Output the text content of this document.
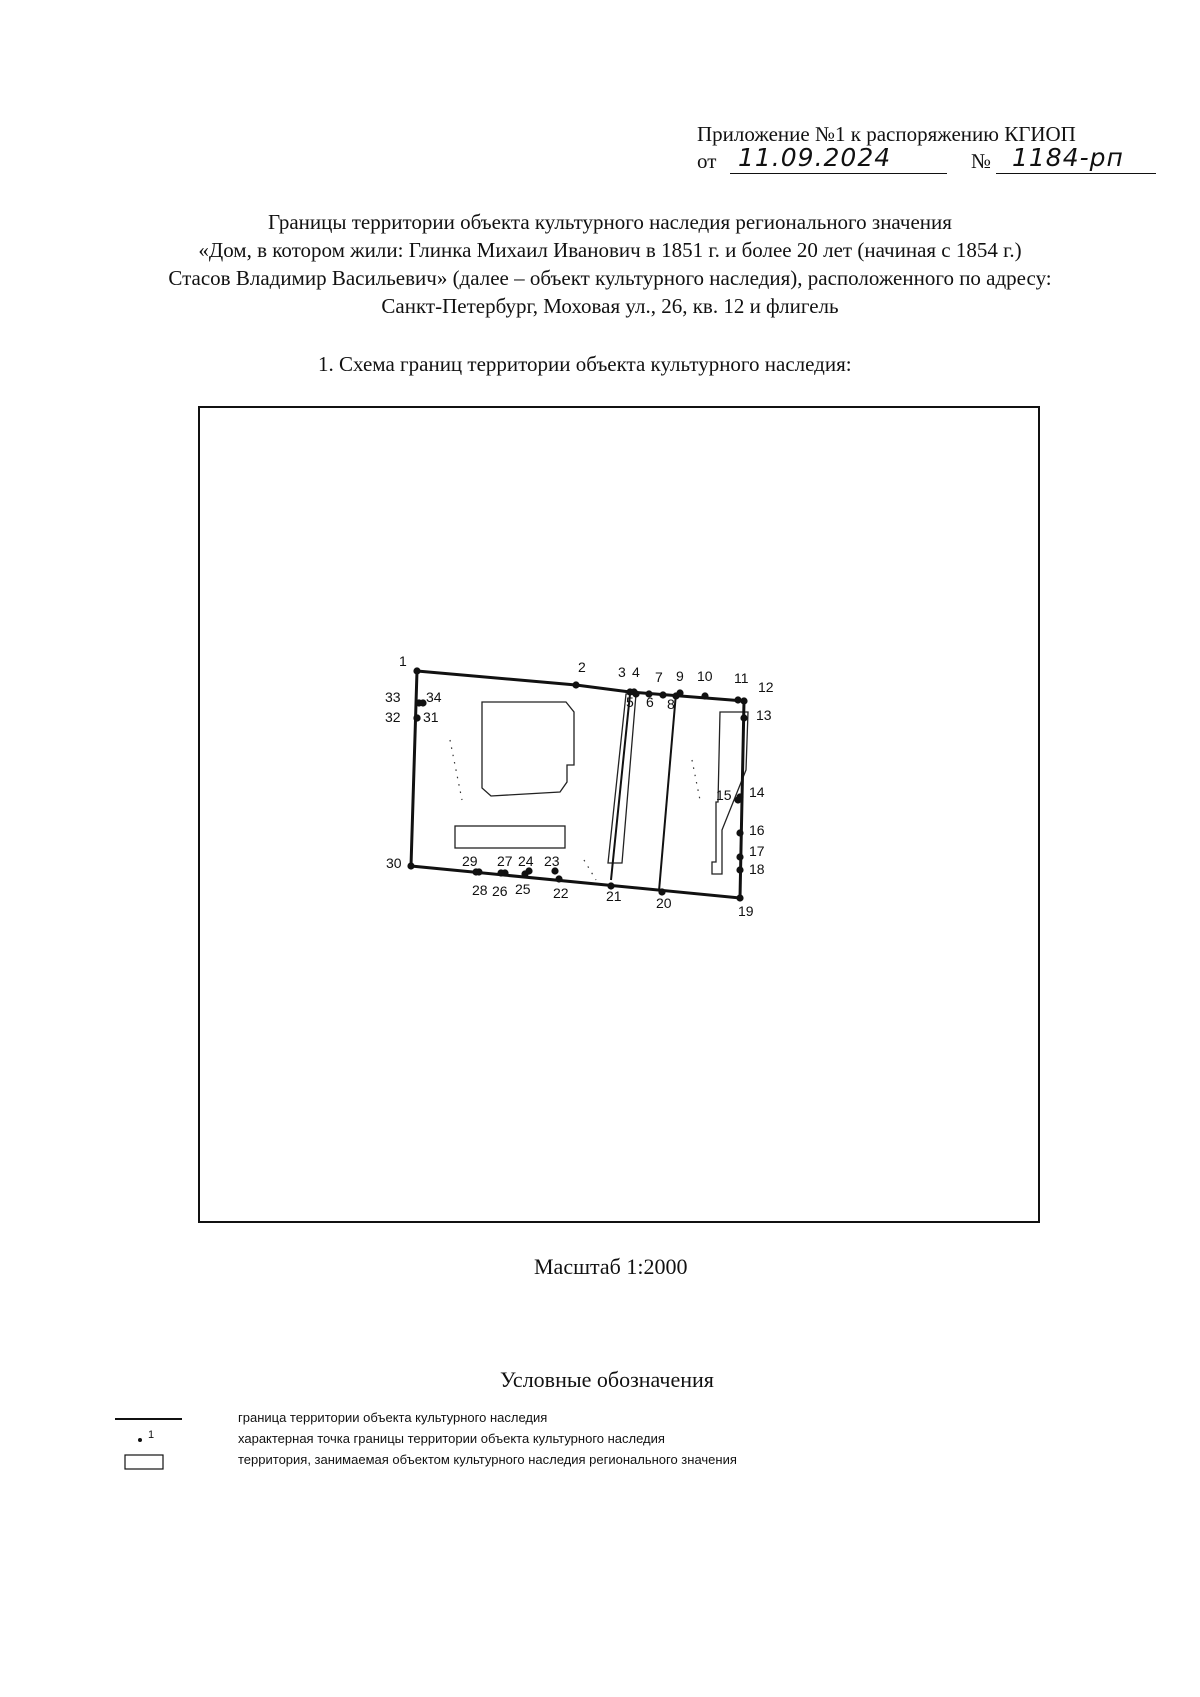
Приложение №1 к распоряжению КГИОП
от 11.09.2024	№ 1184-рп
Границы территории объекта культурного наследия регионального значения
«Дом, в котором жили: Глинка Михаил Иванович в 1851 г. и более 20 лет (начиная с 1854 г.)
Стасов Владимир Васильевич» (далее – объект культурного наследия), расположенного по адресу:
Санкт-Петербург, Моховая ул., 26, кв. 12 и флигель
1. Схема границ территории объекта культурного наследия:
1	2 3 4
5 6
7
8
9 10 11
12
13
14
15
16
17
18
19
20
21
22
23
24
25
26
27
28
29
30
31
32
33 34
Масштаб 1:2000
Условные обозначения
1
граница территории объекта культурного наследия
характерная точка границы территории объекта культурного наследия
территория, занимаемая объектом культурного наследия регионального значения
